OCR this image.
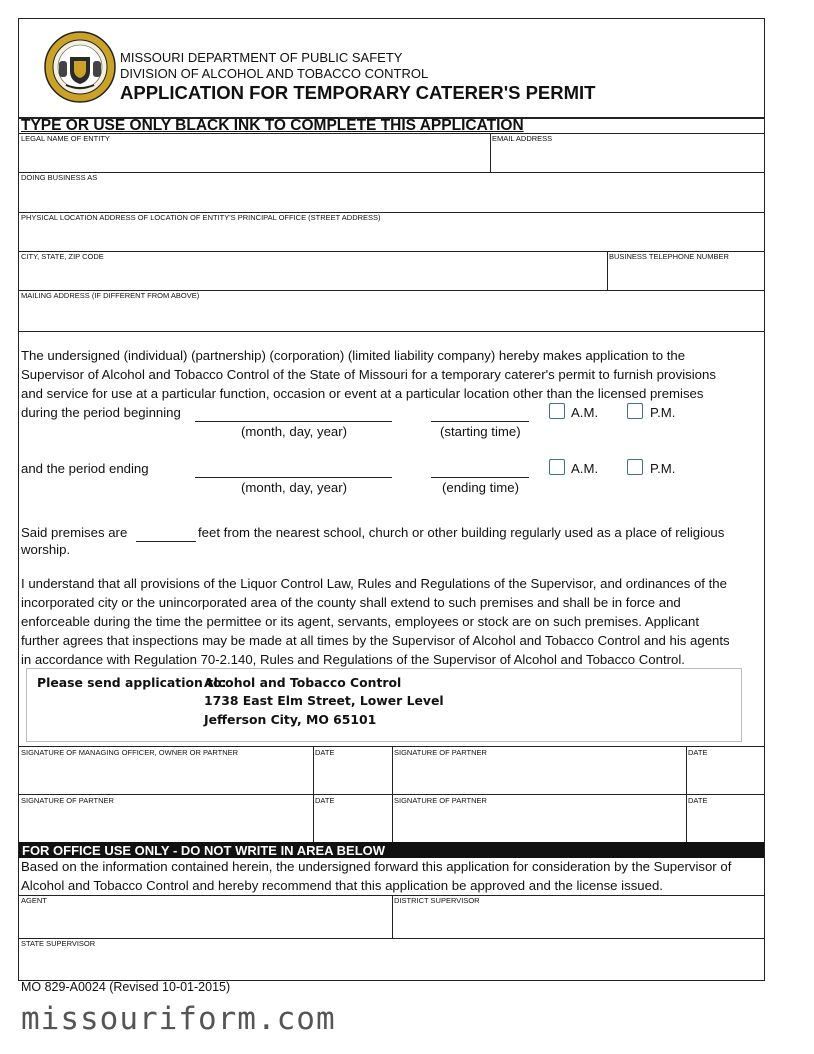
MISSOURI DEPARTMENT OF PUBLIC SAFETY
DIVISION OF ALCOHOL AND TOBACCO CONTROL
APPLICATION FOR TEMPORARY CATERER'S PERMIT
TYPE OR USE ONLY BLACK INK TO COMPLETE THIS APPLICATION
LEGAL NAME OF ENTITY	EMAIL ADDRESS
DOING BUSINESS AS
PHYSICAL LOCATION ADDRESS OF LOCATION OF ENTITY'S PRINCIPAL OFFICE (STREET ADDRESS)
CITY, STATE, ZIP CODE	BUSINESS TELEPHONE NUMBER
MAILING ADDRESS (IF DIFFERENT FROM ABOVE)
The undersigned (individual) (partnership) (corporation) (limited liability company) hereby makes application to the
Supervisor of Alcohol and Tobacco Control of the State of Missouri for a temporary caterer's permit to furnish provisions
and service for use at a particular function, occasion or event at a particular location other than the licensed premises
during the period beginning	A.M.	P.M.
(month, day, year)	(starting time)
and the period ending	A.M.	P.M.
(month, day, year)	(ending time)
Said premises are	feet from the nearest school, church or other building regularly used as a place of religious
worship.
I understand that all provisions of the Liquor Control Law, Rules and Regulations of the Supervisor, and ordinances of the
incorporated city or the unincorporated area of the county shall extend to such premises and shall be in force and
enforceable during the time the permittee or its agent, servants, employees or stock are on such premises. Applicant
further agrees that inspections may be made at all times by the Supervisor of Alcohol and Tobacco Control and his agents
in accordance with Regulation 70-2.140, Rules and Regulations of the Supervisor of Alcohol and Tobacco Control.
Please send application to:
Alcohol and Tobacco Control
1738 East Elm Street, Lower Level
Jefferson City, MO 65101
SIGNATURE OF MANAGING OFFICER, OWNER OR PARTNER	DATE	SIGNATURE OF PARTNER	DATE
SIGNATURE OF PARTNER	DATE	SIGNATURE OF PARTNER	DATE
FOR OFFICE USE ONLY - DO NOT WRITE IN AREA BELOW
Based on the information contained herein, the undersigned forward this application for consideration by the Supervisor of
Alcohol and Tobacco Control and hereby recommend that this application be approved and the license issued.
AGENT	DISTRICT SUPERVISOR
STATE SUPERVISOR
MO 829-A0024 (Revised 10-01-2015)
missouriform.com
